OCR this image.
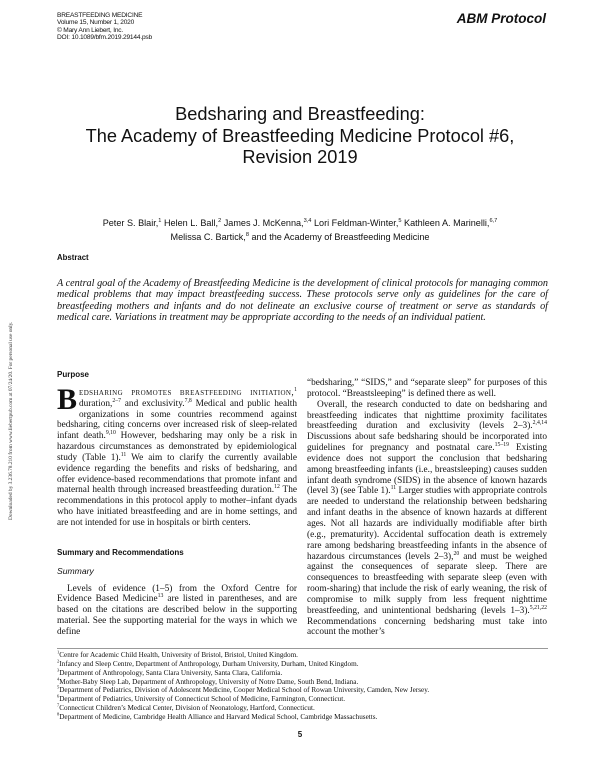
BREASTFEEDING MEDICINE
Volume 15, Number 1, 2020
© Mary Ann Liebert, Inc.
DOI: 10.1089/bfm.2019.29144.psb
ABM Protocol
Downloaded by 3.236.78.210 from www.liebertpub.com at 07/24/20. For personal use only.
Bedsharing and Breastfeeding:
The Academy of Breastfeeding Medicine Protocol #6,
Revision 2019
Peter S. Blair,$^1$ Helen L. Ball,$^2$ James J. McKenna,$^{3,4}$ Lori Feldman-Winter,$^5$ Kathleen A. Marinelli,$^{6,7}$
Melissa C. Bartick,$^8$ and the Academy of Breastfeeding Medicine
Abstract
A central goal of the Academy of Breastfeeding Medicine is the development of clinical protocols for managing common medical problems that may impact breastfeeding success. These protocols serve only as guidelines for the care of breastfeeding mothers and infants and do not delineate an exclusive course of treatment or serve as standards of medical care. Variations in treatment may be appropriate according to the needs of an individual patient.
Purpose

Bedsharing promotes breastfeeding initiation,$^1$ duration,$^{2-7}$ and exclusivity.$^{7,8}$ Medical and public health organizations in some countries recommend against bedsharing, citing concerns over increased risk of sleep-related infant death.$^{9,10}$ However, bedsharing may only be a risk in hazardous circumstances as demonstrated by epidemiological study (Table 1).$^{11}$ We aim to clarify the currently available evidence regarding the benefits and risks of bedsharing, and offer evidence-based recommendations that promote infant and maternal health through increased breastfeeding duration.$^{12}$ The recommendations in this protocol apply to mother–infant dyads who have initiated breastfeeding and are in home settings, and are not intended for use in hospitals or birth centers.

Summary and Recommendations
Summary

Levels of evidence (1–5) from the Oxford Centre for Evidence Based Medicine$^{13}$ are listed in parentheses, and are based on the citations are described below in the supporting material. See the supporting material for the ways in which we define

“bedsharing,” “SIDS,” and “separate sleep” for purposes of this protocol. “Breastsleeping” is defined there as well.

Overall, the research conducted to date on bedsharing and breastfeeding indicates that nighttime proximity facilitates breastfeeding duration and exclusivity (levels 2–3).$^{2,4,14}$ Discussions about safe bedsharing should be incorporated into guidelines for pregnancy and postnatal care.$^{15-19}$ Existing evidence does not support the conclusion that bedsharing among breastfeeding infants (i.e., breastsleeping) causes sudden infant death syndrome (SIDS) in the absence of known hazards (level 3) (see Table 1).$^{11}$ Larger studies with appropriate controls are needed to understand the relationship between bedsharing and infant deaths in the absence of known hazards at different ages. Not all hazards are individually modifiable after birth (e.g., prematurity). Accidental suffocation death is extremely rare among bedsharing breastfeeding infants in the absence of hazardous circumstances (levels 2–3),$^{20}$ and must be weighed against the consequences of separate sleep. There are consequences to breastfeeding with separate sleep (even with room-sharing) that include the risk of early weaning, the risk of compromise to milk supply from less frequent nighttime breastfeeding, and unintentional bedsharing (levels 1–3).$^{5,21,22}$ Recommendations concerning bedsharing must take into account the mother’s

$^1$Centre for Academic Child Health, University of Bristol, Bristol, United Kingdom.
$^2$Infancy and Sleep Centre, Department of Anthropology, Durham University, Durham, United Kingdom.
$^3$Department of Anthropology, Santa Clara University, Santa Clara, California.
$^4$Mother-Baby Sleep Lab, Department of Anthropology, University of Notre Dame, South Bend, Indiana.
$^5$Department of Pediatrics, Division of Adolescent Medicine, Cooper Medical School of Rowan University, Camden, New Jersey.
$^6$Department of Pediatrics, University of Connecticut School of Medicine, Farmington, Connecticut.
$^7$Connecticut Children’s Medical Center, Division of Neonatology, Hartford, Connecticut.
$^8$Department of Medicine, Cambridge Health Alliance and Harvard Medical School, Cambridge Massachusetts.
5
